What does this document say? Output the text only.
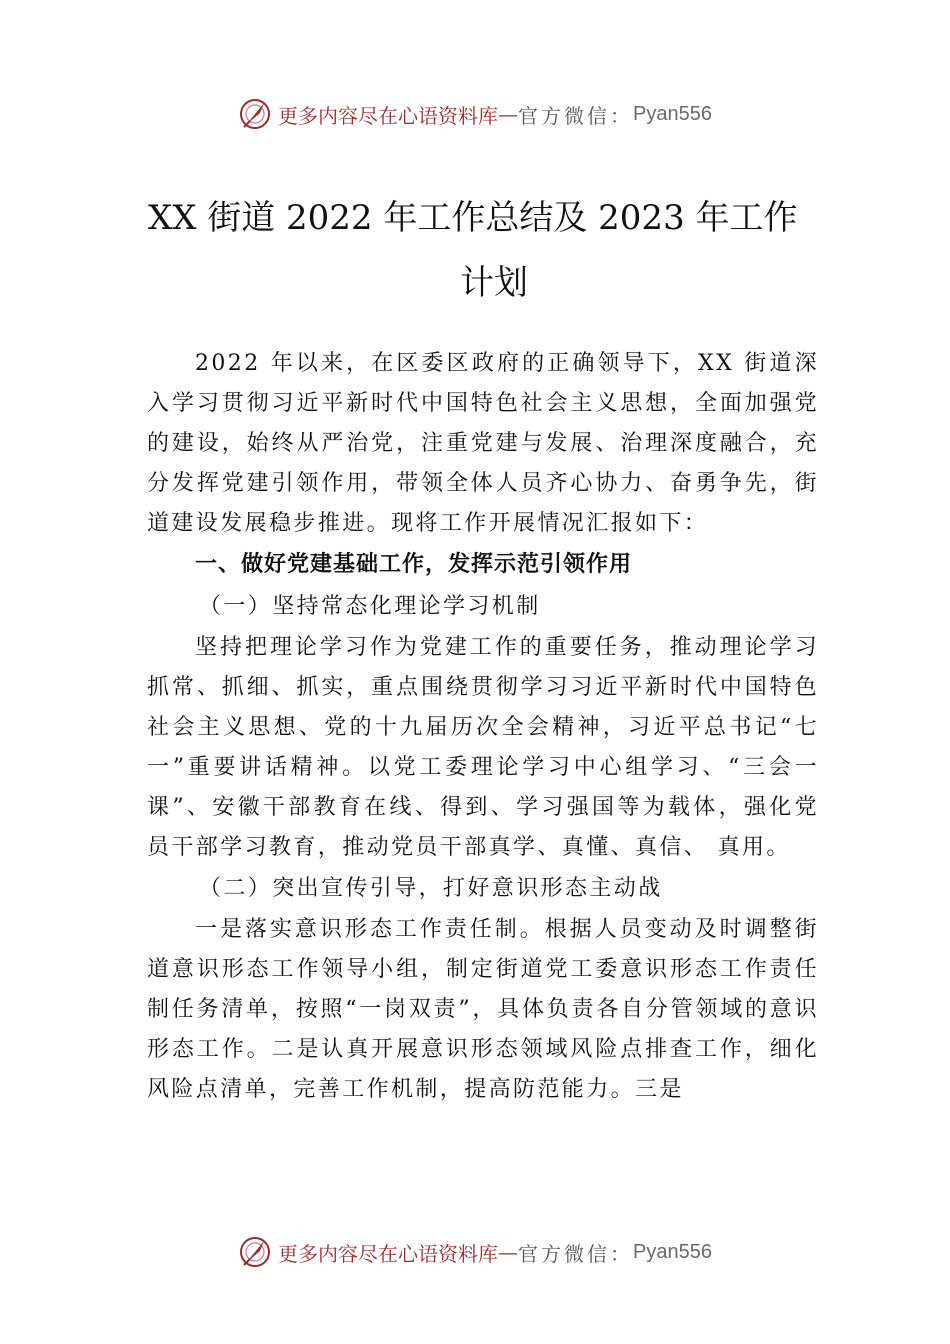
更多内容尽在心语资料库 — 官方微信： Pyan556
XX 街道 2022 年工作总结及 2023 年工作
计划

2022 年以来，在区委区政府的正确领导下，XX 街道深入学习贯彻习近平新时代中国特色社会主义思想，全面加强党的建设，始终从严治党，注重党建与发展、治理深度融合，充分发挥党建引领作用，带领全体人员齐心协力、奋勇争先，街道建设发展稳步推进。现将工作开展情况汇报如下：

一、做好党建基础工作，发挥示范引领作用

（一）坚持常态化理论学习机制

坚持把理论学习作为党建工作的重要任务，推动理论学习抓常、抓细、抓实，重点围绕贯彻学习习近平新时代中国特色社会主义思想、党的十九届历次全会精神，习近平总书记“七一”重要讲话精神。以党工委理论学习中心组学习、“三会一课”、安徽干部教育在线、得到、学习强国等为载体，强化党员干部学习教育，推动党员干部真学、真懂、真信、 真用。

（二）突出宣传引导，打好意识形态主动战

一是落实意识形态工作责任制。根据人员变动及时调整街道意识形态工作领导小组，制定街道党工委意识形态工作责任制任务清单，按照“一岗双责”，具体负责各自分管领域的意识形态工作。二是认真开展意识形态领域风险点排查工作，细化风险点清单，完善工作机制，提高防范能力。三是

更多内容尽在心语资料库 — 官方微信： Pyan556
